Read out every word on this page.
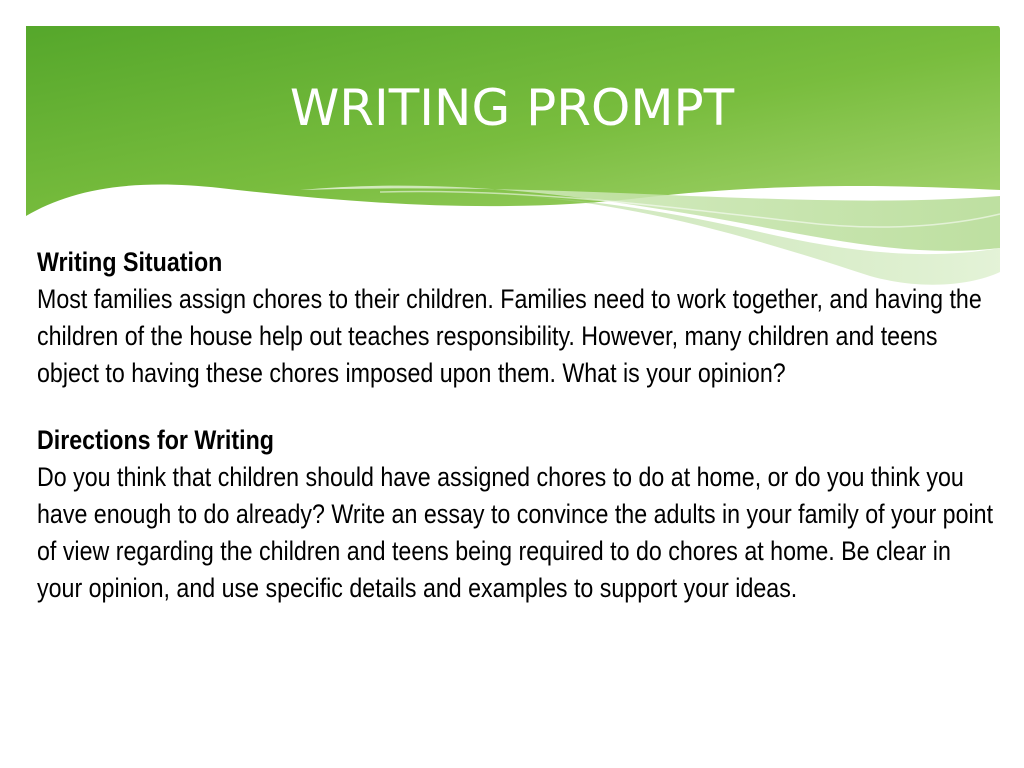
WRITING PROMPT

Writing Situation

Most families assign chores to their children. Families need to work together, and having the children of the house help out teaches responsibility. However, many children and teens object to having these chores imposed upon them. What is your opinion?

Directions for Writing

Do you think that children should have assigned chores to do at home, or do you think you have enough to do already? Write an essay to convince the adults in your family of your point of view regarding the children and teens being required to do chores at home. Be clear in your opinion, and use specific details and examples to support your ideas.
